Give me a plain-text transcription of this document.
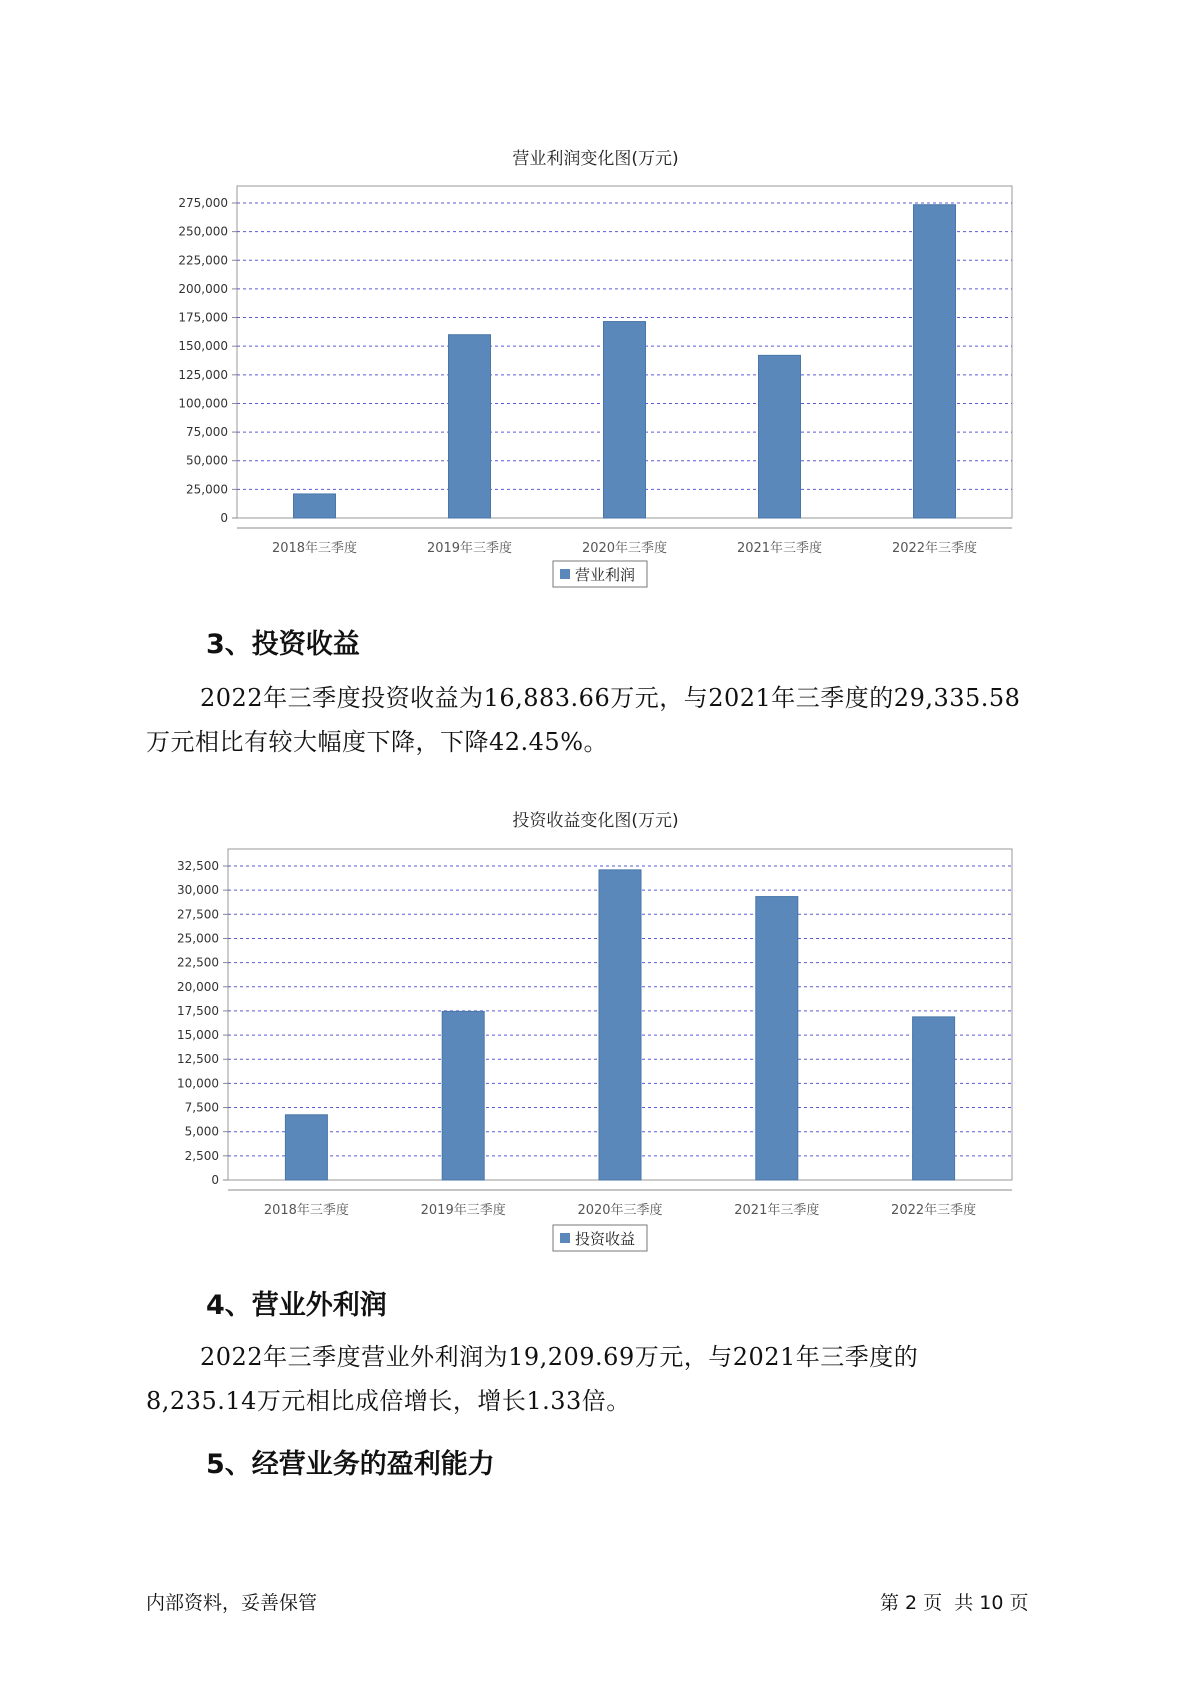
营业利润变化图(万元)
0
25,000
50,000
75,000
100,000
125,000
150,000
175,000
200,000
225,000
250,000
275,000
2018年三季度	2019年三季度	2020年三季度	2021年三季度	2022年三季度
营业利润
3、投资收益
2022年三季度投资收益为16,883.66万元，与2021年三季度的29,335.58
万元相比有较大幅度下降，下降42.45%。
投资收益变化图(万元)
0
2,500
5,000
7,500
10,000
12,500
15,000
17,500
20,000
22,500
25,000
27,500
30,000
32,500
2018年三季度	2019年三季度	2020年三季度	2021年三季度	2022年三季度
投资收益
4、营业外利润
2022年三季度营业外利润为19,209.69万元，与2021年三季度的
8,235.14万元相比成倍增长，增长1.33倍。
5、经营业务的盈利能力
内部资料，妥善保管	第 2 页  共 10 页
